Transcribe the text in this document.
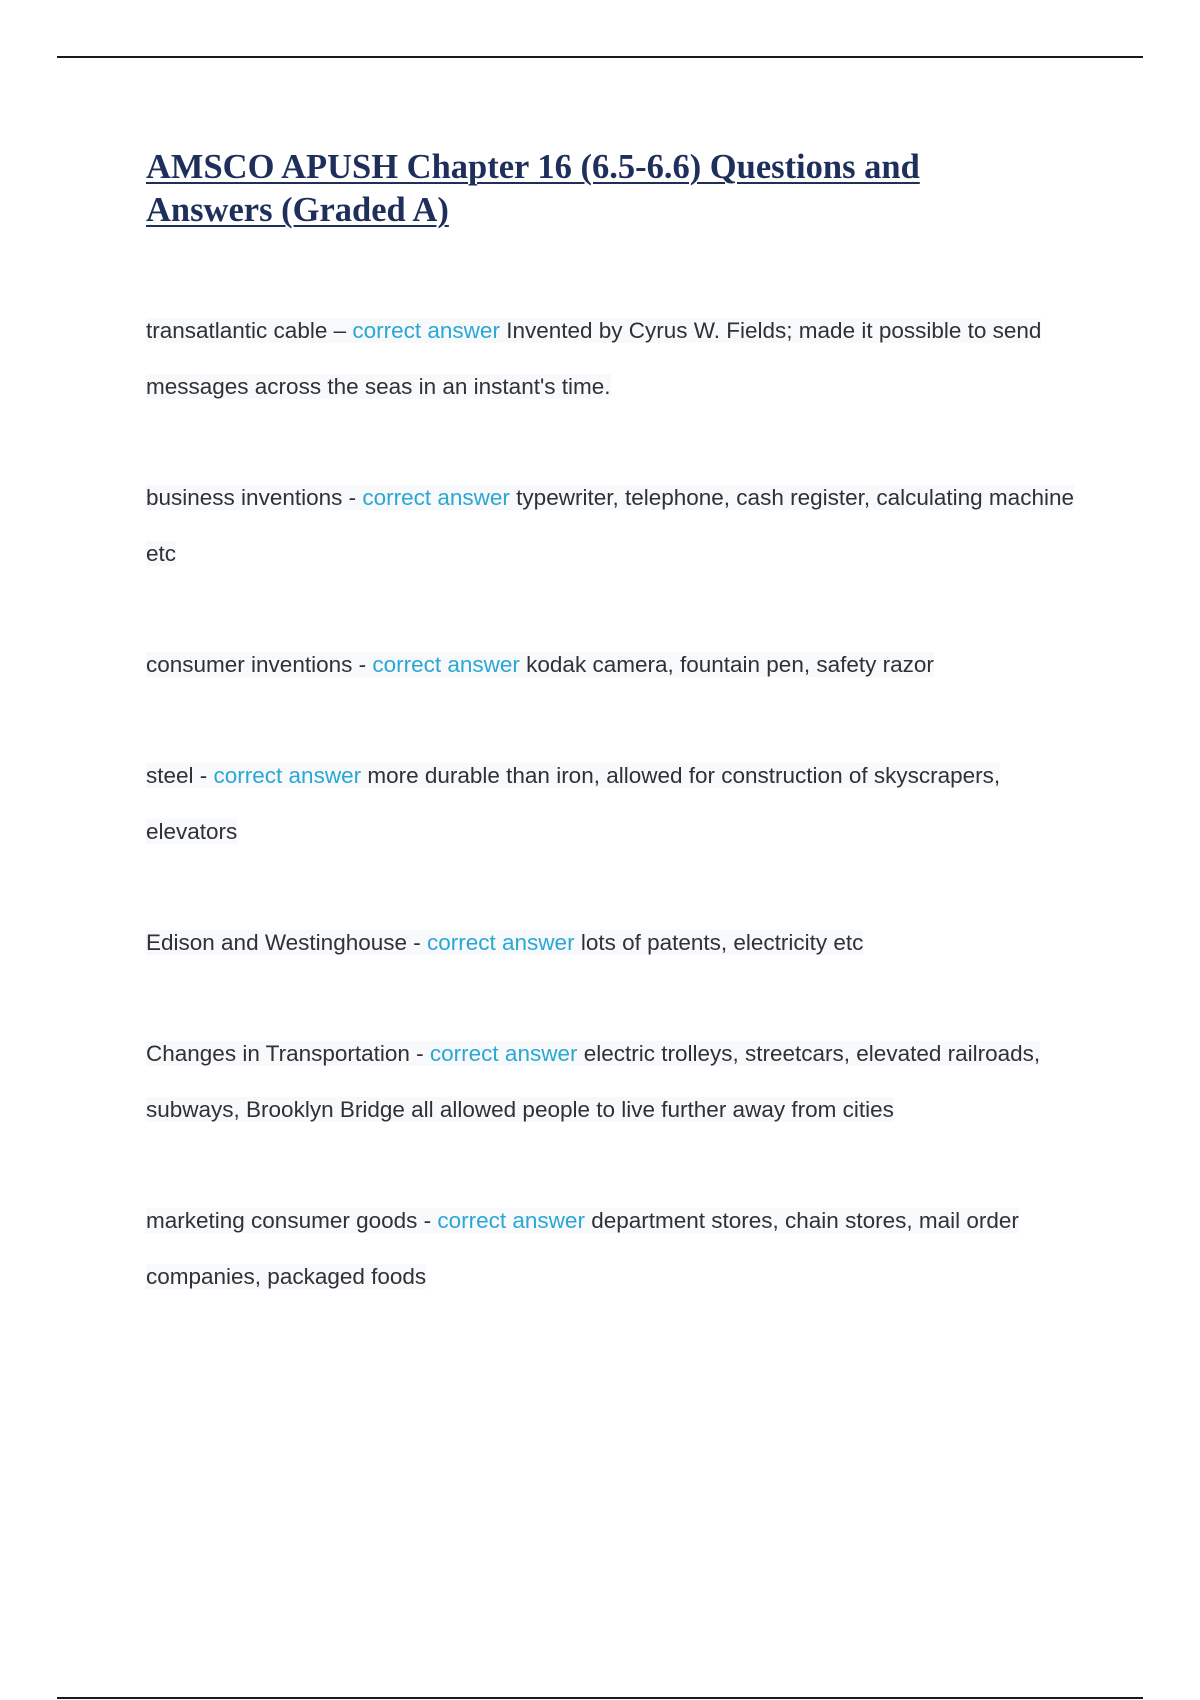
AMSCO APUSH Chapter 16 (6.5-6.6) Questions and Answers (Graded A)

transatlantic cable – correct answer Invented by Cyrus W. Fields; made it possible to send messages across the seas in an instant's time.

business inventions - correct answer typewriter, telephone, cash register, calculating machine etc

consumer inventions - correct answer kodak camera, fountain pen, safety razor

steel - correct answer more durable than iron, allowed for construction of skyscrapers, elevators

Edison and Westinghouse - correct answer lots of patents, electricity etc

Changes in Transportation - correct answer electric trolleys, streetcars, elevated railroads, subways, Brooklyn Bridge all allowed people to live further away from cities

marketing consumer goods - correct answer department stores, chain stores, mail order companies, packaged foods
